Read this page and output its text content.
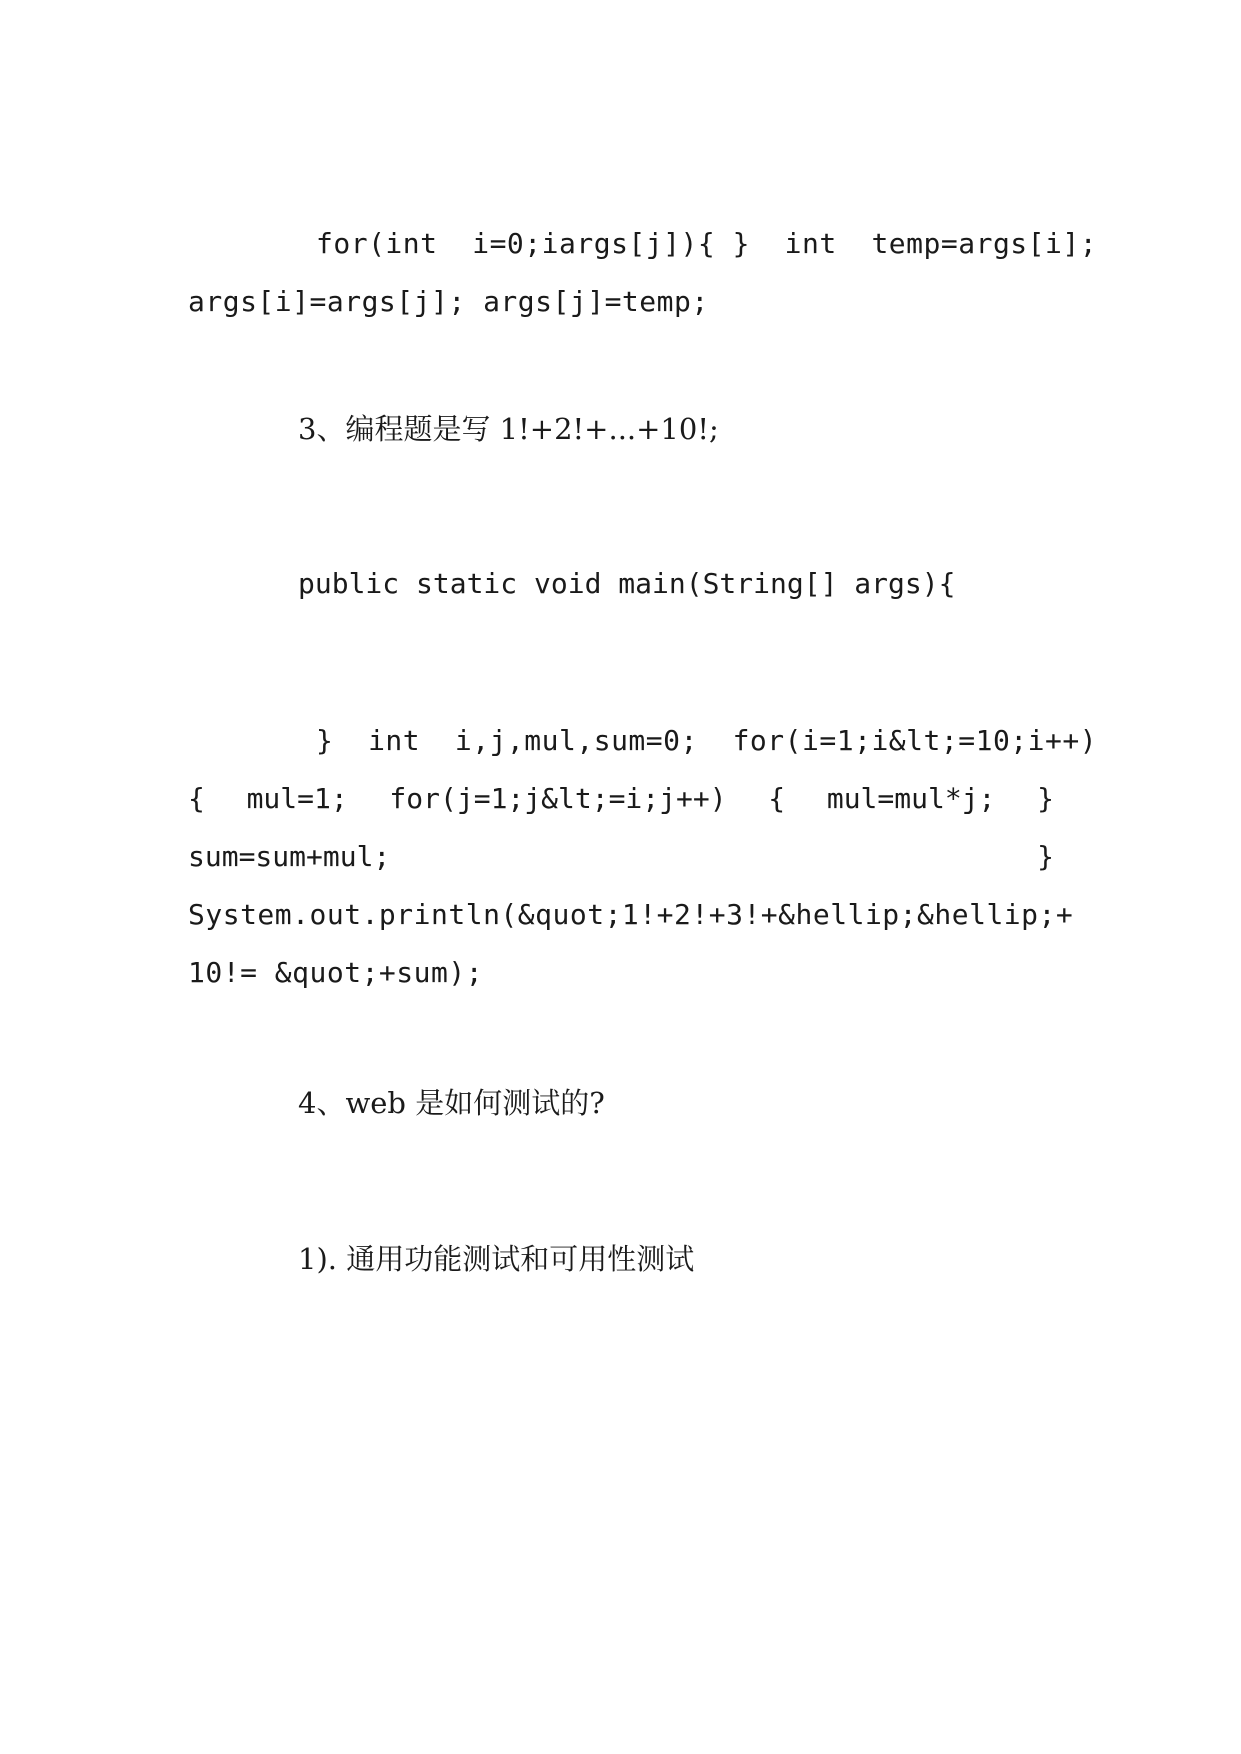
for(int  i=0;iargs[j]){ }  int  temp=args[i];
args[i]=args[j]; args[j]=temp;
3、编程题是写 1!+2!+...+10!;
public static void main(String[] args){
}  int  i,j,mul,sum=0;  for(i=1;i&lt;=10;i++)
{ mul=1; for(j=1;j&lt;=i;j++) { mul=mul*j; }
sum=sum+mul;	}
System.out.println(&quot;1!+2!+3!+&hellip;&hellip;+
10!= &quot;+sum);
4、web 是如何测试的?
1). 通用功能测试和可用性测试
